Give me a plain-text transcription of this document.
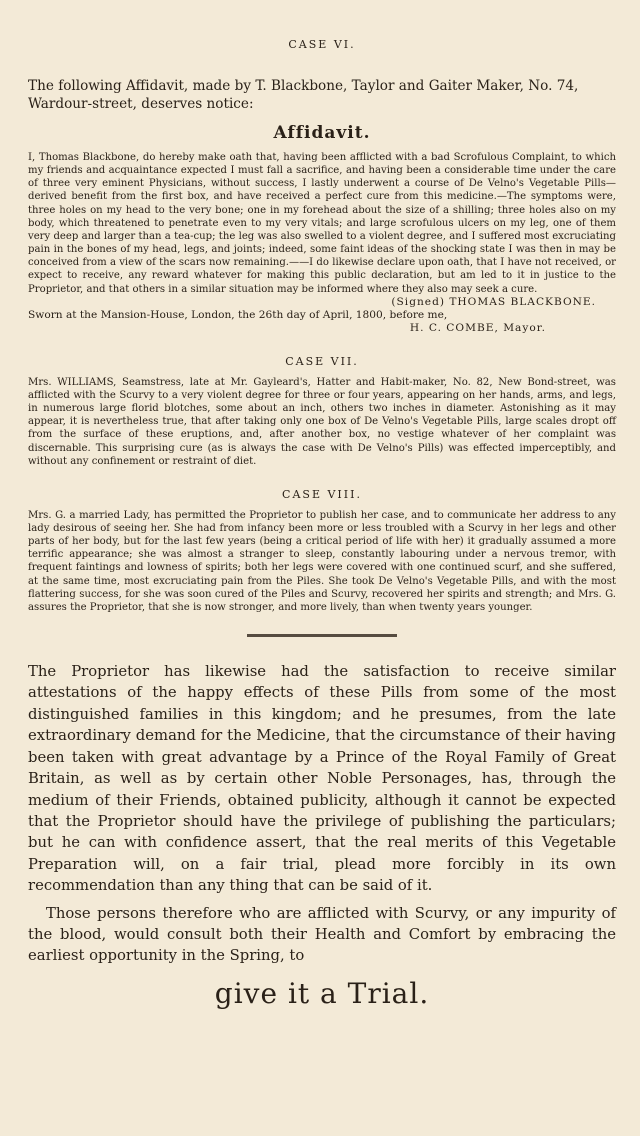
CASE VI.

The following Affidavit, made by T. Blackbone, Taylor and Gaiter Maker, No. 74, Wardour-street, deserves notice:

Affidavit.

I, Thomas Blackbone, do hereby make oath that, having been afflicted with a bad Scrofulous Complaint, to which my friends and acquaintance expected I must fall a sacrifice, and having been a considerable time under the care of three very eminent Physicians, without success, I lastly underwent a course of De Velno's Vegetable Pills—derived benefit from the first box, and have received a perfect cure from this medicine.—The symptoms were, three holes on my head to the very bone; one in my forehead about the size of a shilling; three holes also on my body, which threatened to penetrate even to my very vitals; and large scrofulous ulcers on my leg, one of them very deep and larger than a tea-cup; the leg was also swelled to a violent degree, and I suffered most excruciating pain in the bones of my head, legs, and joints; indeed, some faint ideas of the shocking state I was then in may be conceived from a view of the scars now remaining.——I do likewise declare upon oath, that I have not received, or expect to receive, any reward whatever for making this public declaration, but am led to it in justice to the Proprietor, and that others in a similar situation may be informed where they also may seek a cure.

(Signed) THOMAS BLACKBONE.

Sworn at the Mansion-House, London, the 26th day of April, 1800, before me,

H. C. COMBE, Mayor.

CASE VII.

Mrs. WILLIAMS, Seamstress, late at Mr. Gayleard's, Hatter and Habit-maker, No. 82, New Bond-street, was afflicted with the Scurvy to a very violent degree for three or four years, appearing on her hands, arms, and legs, in numerous large florid blotches, some about an inch, others two inches in diameter. Astonishing as it may appear, it is nevertheless true, that after taking only one box of De Velno's Vegetable Pills, large scales dropt off from the surface of these eruptions, and, after another box, no vestige whatever of her complaint was discernable. This surprising cure (as is always the case with De Velno's Pills) was effected imperceptibly, and without any confinement or restraint of diet.

CASE VIII.

Mrs. G. a married Lady, has permitted the Proprietor to publish her case, and to communicate her address to any lady desirous of seeing her. She had from infancy been more or less troubled with a Scurvy in her legs and other parts of her body, but for the last few years (being a critical period of life with her) it gradually assumed a more terrific appearance; she was almost a stranger to sleep, constantly labouring under a nervous tremor, with frequent faintings and lowness of spirits; both her legs were covered with one continued scurf, and she suffered, at the same time, most excruciating pain from the Piles. She took De Velno's Vegetable Pills, and with the most flattering success, for she was soon cured of the Piles and Scurvy, recovered her spirits and strength; and Mrs. G. assures the Proprietor, that she is now stronger, and more lively, than when twenty years younger.

The Proprietor has likewise had the satisfaction to receive similar attestations of the happy effects of these Pills from some of the most distinguished families in this kingdom; and he presumes, from the late extraordinary demand for the Medicine, that the circumstance of their having been taken with great advantage by a Prince of the Royal Family of Great Britain, as well as by certain other Noble Personages, has, through the medium of their Friends, obtained publicity, although it cannot be expected that the Proprietor should have the privilege of publishing the particulars; but he can with confidence assert, that the real merits of this Vegetable Preparation will, on a fair trial, plead more forcibly in its own recommendation than any thing that can be said of it.

Those persons therefore who are afflicted with Scurvy, or any impurity of the blood, would consult both their Health and Comfort by embracing the earliest opportunity in the Spring, to

give it a Trial.
